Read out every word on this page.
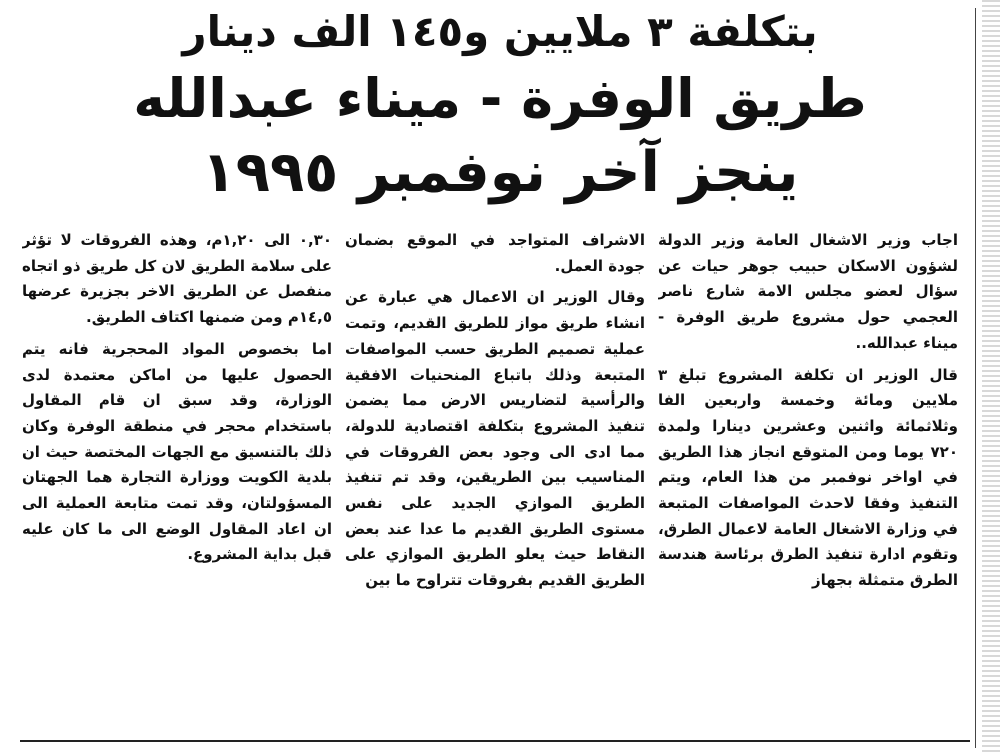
بتكلفة ٣ ملايين و١٤٥ الف دينار
طريق الوفرة - ميناء عبدالله
ينجز آخر نوفمبر ١٩٩٥

اجاب وزير الاشغال العامة وزير الدولة لشؤون الاسكان حبيب جوهر حيات عن سؤال لعضو مجلس الامة شارع ناصر العجمي حول مشروع طريق الوفرة - ميناء عبدالله..

قال الوزير ان تكلفة المشروع تبلغ ٣ ملايين ومائة وخمسة واربعين الفا وثلاثمائة واثنين وعشرين دينارا ولمدة ٧٢٠ يوما ومن المتوقع انجاز هذا الطريق في اواخر نوفمبر من هذا العام، ويتم التنفيذ وفقا لاحدث المواصفات المتبعة في وزارة الاشغال العامة لاعمال الطرق، وتقوم ادارة تنفيذ الطرق برئاسة هندسة الطرق متمثلة بجهاز

الاشراف المتواجد في الموقع بضمان جودة العمل.

وقال الوزير ان الاعمال هي عبارة عن انشاء طريق مواز للطريق القديم، وتمت عملية تصميم الطريق حسب المواصفات المتبعة وذلك باتباع المنحنيات الافقية والرأسية لتضاريس الارض مما يضمن تنفيذ المشروع بتكلفة اقتصادية للدولة، مما ادى الى وجود بعض الفروقات في المناسيب بين الطريقين، وقد تم تنفيذ الطريق الموازي الجديد على نفس مستوى الطريق القديم ما عدا عند بعض النقاط حيث يعلو الطريق الموازي على الطريق القديم بفروقات تتراوح ما بين

٠,٣٠ الى ١,٢٠م، وهذه الفروقات لا تؤثر على سلامة الطريق لان كل طريق ذو اتجاه منفصل عن الطريق الاخر بجزيرة عرضها ١٤,٥م ومن ضمنها اكتاف الطريق.

اما بخصوص المواد المحجرية فانه يتم الحصول عليها من اماكن معتمدة لدى الوزارة، وقد سبق ان قام المقاول باستخدام محجر في منطقة الوفرة وكان ذلك بالتنسيق مع الجهات المختصة حيث ان بلدية الكويت ووزارة التجارة هما الجهتان المسؤولتان، وقد تمت متابعة العملية الى ان اعاد المقاول الوضع الى ما كان عليه قبل بداية المشروع.
